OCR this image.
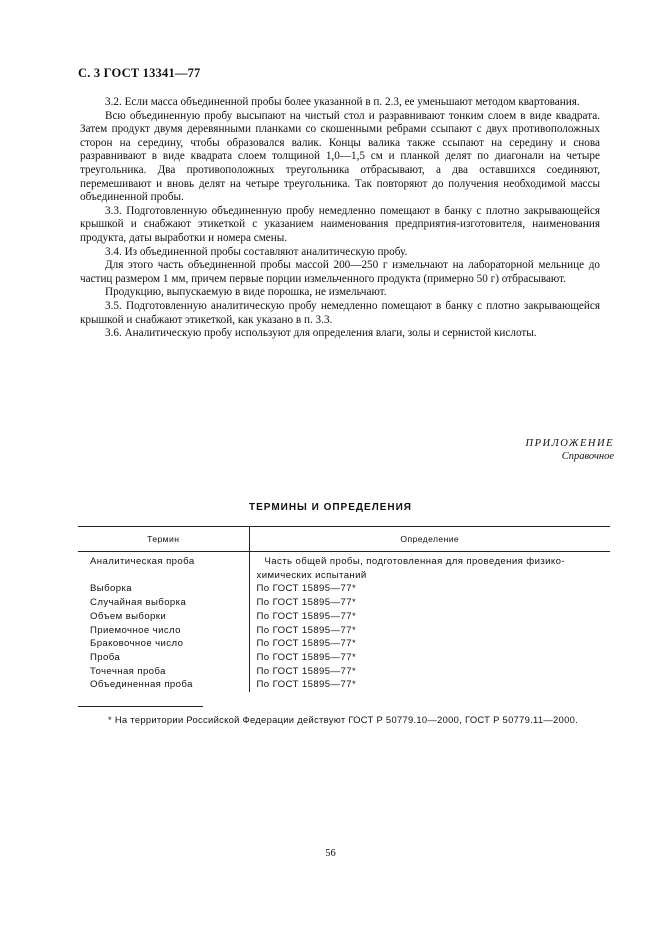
С. 3 ГОСТ 13341—77

3.2. Если масса объединенной пробы более указанной в п. 2.3, ее уменьшают методом квартования.

Всю объединенную пробу высыпают на чистый стол и разравнивают тонким слоем в виде квадрата. Затем продукт двумя деревянными планками со скошенными ребрами ссыпают с двух противоположных сторон на середину, чтобы образовался валик. Концы валика также ссыпают на середину и снова разравнивают в виде квадрата слоем толщиной 1,0—1,5 см и планкой делят по диагонали на четыре треугольника. Два противоположных треугольника отбрасывают, а два оставшихся соединяют, перемешивают и вновь делят на четыре треугольника. Так повторяют до получения необходимой массы объединенной пробы.

3.3. Подготовленную объединенную пробу немедленно помещают в банку с плотно закрывающейся крышкой и снабжают этикеткой с указанием наименования предприятия-изготовителя, наименования продукта, даты выработки и номера смены.

3.4. Из объединенной пробы составляют аналитическую пробу.

Для этого часть объединенной пробы массой 200—250 г измельчают на лабораторной мельнице до частиц размером 1 мм, причем первые порции измельченного продукта (примерно 50 г) отбрасывают.

Продукцию, выпускаемую в виде порошка, не измельчают.

3.5. Подготовленную аналитическую пробу немедленно помещают в банку с плотно закрывающейся крышкой и снабжают этикеткой, как указано в п. 3.3.

3.6. Аналитическую пробу используют для определения влаги, золы и сернистой кислоты.

ПРИЛОЖЕНИЕ
Справочное
ТЕРМИНЫ И ОПРЕДЕЛЕНИЯ
Термин	Определение
Аналитическая проба	Часть общей пробы, подготовленная для проведения физико-химических испытаний
Выборка	По ГОСТ 15895—77*
Случайная выборка	По ГОСТ 15895—77*
Объем выборки	По ГОСТ 15895—77*
Приемочное число	По ГОСТ 15895—77*
Браковочное число	По ГОСТ 15895—77*
Проба	По ГОСТ 15895—77*
Точечная проба	По ГОСТ 15895—77*
Объединенная проба	По ГОСТ 15895—77*
* На территории Российской Федерации действуют ГОСТ Р 50779.10—2000, ГОСТ Р 50779.11—2000.
56
